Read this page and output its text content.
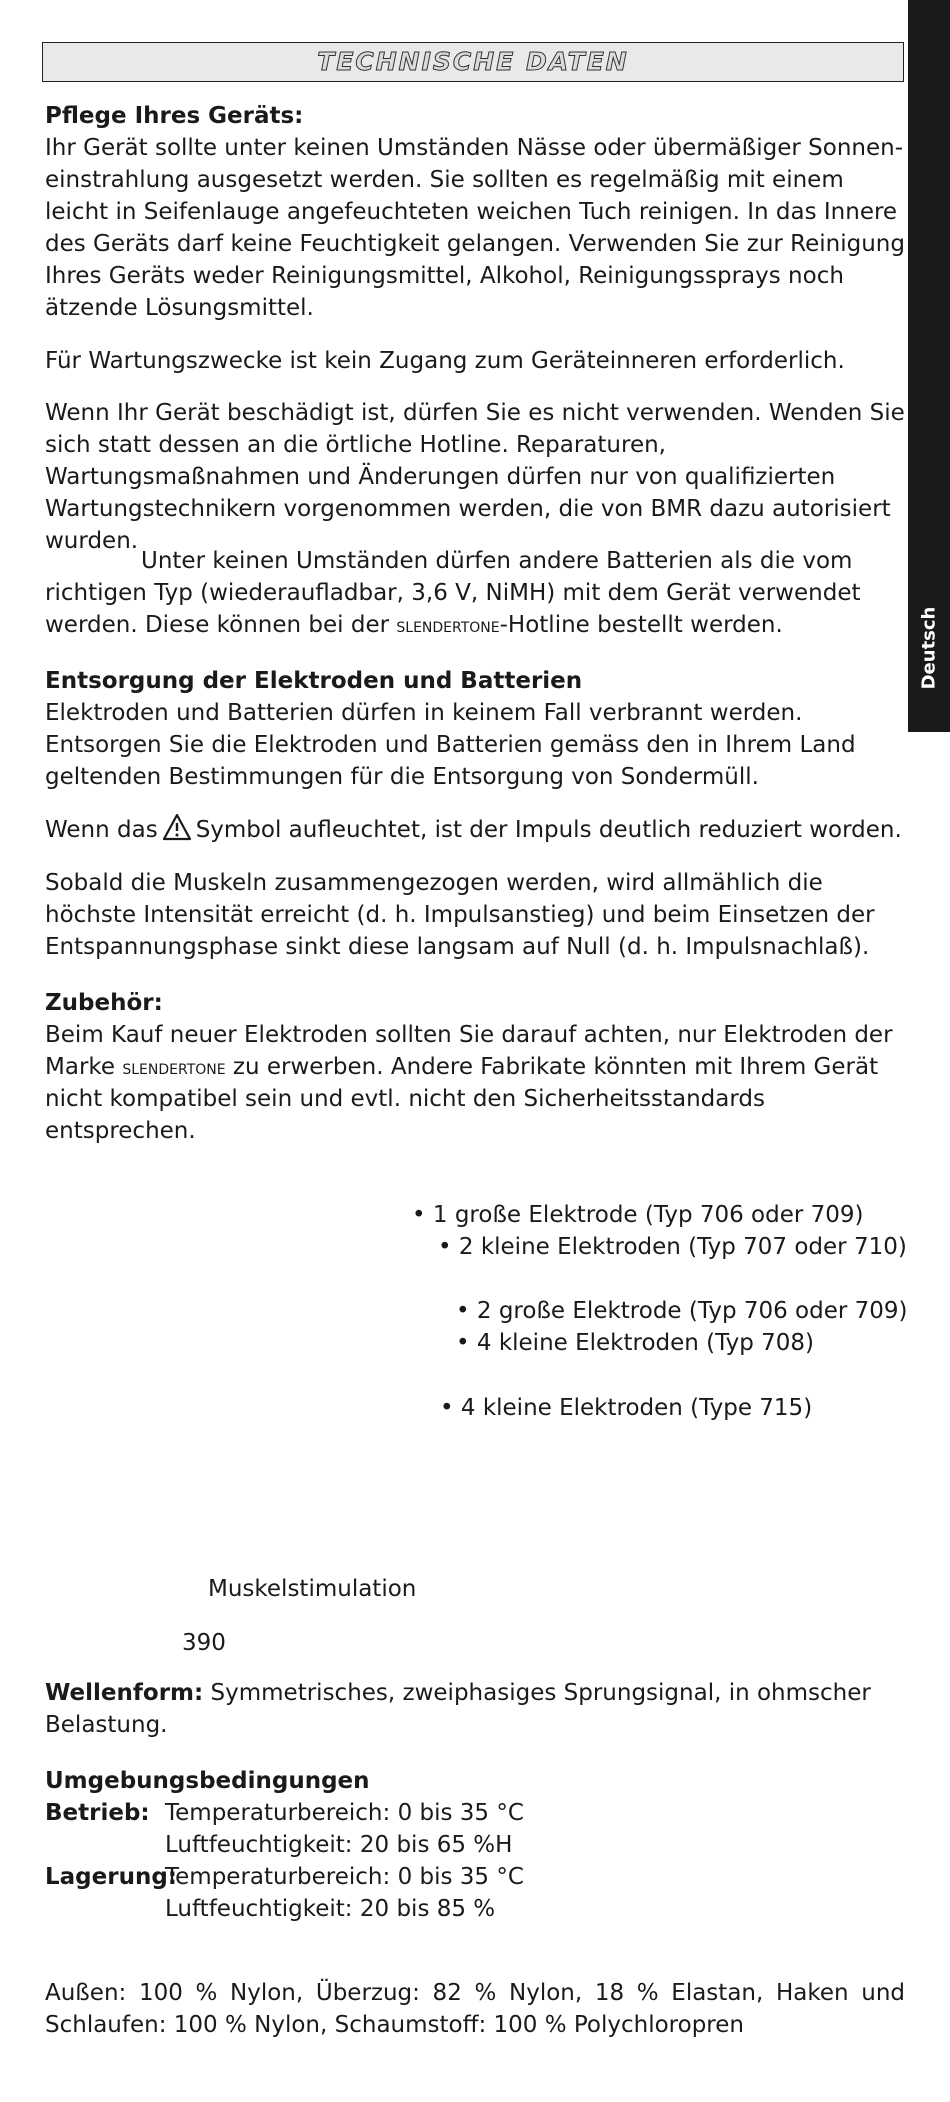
TECHNISCHE DATEN
Deutsch
Pflege Ihres Geräts:

Ihr Gerät sollte unter keinen Umständen Nässe oder übermäßiger Sonneneinstrahlung ausgesetzt werden. Sie sollten es regelmäßig mit einem leicht in Seifenlauge angefeuchteten weichen Tuch reinigen. In das Innere des Geräts darf keine Feuchtigkeit gelangen. Verwenden Sie zur Reinigung Ihres Geräts weder Reinigungsmittel, Alkohol, Reinigungssprays noch ätzende Lösungsmittel.

Für Wartungszwecke ist kein Zugang zum Geräteinneren erforderlich.

Wenn Ihr Gerät beschädigt ist, dürfen Sie es nicht verwenden. Wenden Sie sich statt dessen an die örtliche Hotline. Reparaturen, Wartungsmaßnahmen und Änderungen dürfen nur von qualifizierten Wartungstechnikern vorgenommen werden, die von BMR dazu autorisiert wurden.

Unter keinen Umständen dürfen andere Batterien als die vom richtigen Typ (wiederaufladbar, 3,6 V, NiMH) mit dem Gerät verwendet werden. Diese können bei der slendertone-Hotline bestellt werden.

Entsorgung der Elektroden und Batterien

Elektroden und Batterien dürfen in keinem Fall verbrannt werden. Entsorgen Sie die Elektroden und Batterien gemäss den in Ihrem Land geltenden Bestimmungen für die Entsorgung von Sondermüll.

Wenn das Symbol aufleuchtet, ist der Impuls deutlich reduziert worden.

Sobald die Muskeln zusammengezogen werden, wird allmählich die höchste Intensität erreicht (d. h. Impulsanstieg) und beim Einsetzen der Entspannungsphase sinkt diese langsam auf Null (d. h. Impulsnachlaß).

Zubehör:

Beim Kauf neuer Elektroden sollten Sie darauf achten, nur Elektroden der Marke slendertone zu erwerben. Andere Fabrikate könnten mit Ihrem Gerät nicht kompatibel sein und evtl. nicht den Sicherheitsstandards entsprechen.

• 1 große Elektrode (Typ 706 oder 709)
• 2 kleine Elektroden (Typ 707 oder 710)
• 2 große Elektrode (Typ 706 oder 709)
• 4 kleine Elektroden (Typ 708)
• 4 kleine Elektroden (Type 715)
Muskelstimulation
390

Wellenform: Symmetrisches, zweiphasiges Sprungsignal, in ohmscher Belastung.

Umgebungsbedingungen
Betrieb: Temperaturbereich: 0 bis 35 °C
Luftfeuchtigkeit: 20 bis 65 %H
Lagerung:
Temperaturbereich: 0 bis 35 °C
Luftfeuchtigkeit: 20 bis 85 %

Außen: 100 % Nylon, Überzug: 82 % Nylon, 18 % Elastan, Haken und Schlaufen: 100 % Nylon, Schaumstoff: 100 % Polychloropren
